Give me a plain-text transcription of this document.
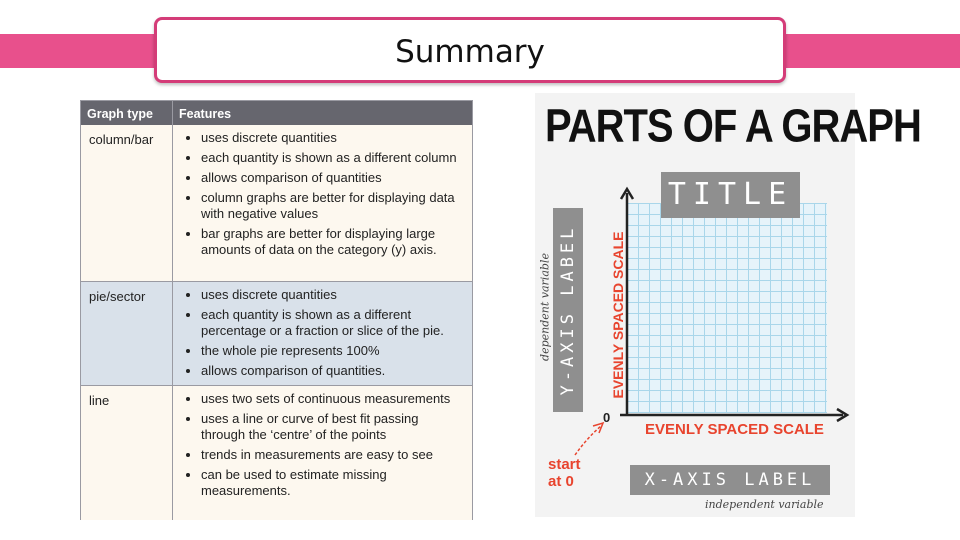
Summary
Graph type	Features
column/bar	• uses discrete quantities
• each quantity is shown as a different column
• allows comparison of quantities
• column graphs are better for displaying data with negative values
• bar graphs are better for displaying large amounts of data on the category (y) axis.
pie/sector	• uses discrete quantities
• each quantity is shown as a different percentage or a fraction or slice of the pie.
• the whole pie represents 100%
• allows comparison of quantities.
line	• uses two sets of continuous measurements
• uses a line or curve of best fit passing through the ‘centre’ of the points
• trends in measurements are easy to see
• can be used to estimate missing measurements.
PARTS OF A GRAPH
TITLE
Y-AXIS LABEL
dependent variable	EVENLY SPACED SCALE
0
EVENLY SPACED SCALE
start
at 0	X-AXIS LABEL
independent variable
